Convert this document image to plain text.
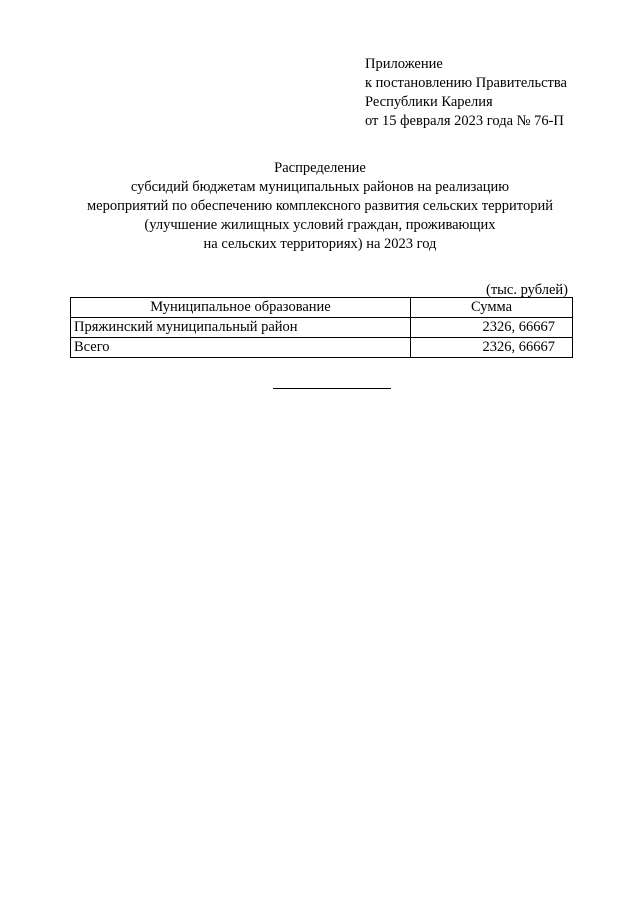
Приложение
к постановлению Правительства
Республики Карелия
от 15 февраля 2023 года № 76-П
Распределение
субсидий бюджетам муниципальных районов на реализацию
мероприятий по обеспечению комплексного развития сельских территорий
(улучшение жилищных условий граждан, проживающих
на сельских территориях) на 2023 год
(тыс. рублей)
Муниципальное образование	Сумма
Пряжинский муниципальный район	2326, 66667
Всего	2326, 66667
